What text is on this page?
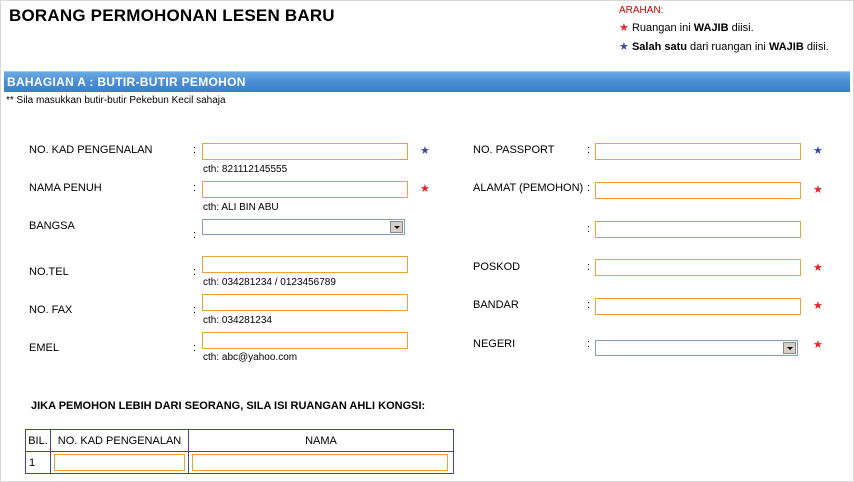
BORANG PERMOHONAN LESEN BARU	ARAHAN:
★ Ruangan ini WAJIB diisi.
★ Salah satu dari ruangan ini WAJIB diisi.
BAHAGIAN A : BUTIR-BUTIR PEMOHON
** Sila masukkan butir-butir Pekebun Kecil sahaja
NO. KAD PENGENALAN	:
cth: 821112145555
★
NAMA PENUH	:
cth: ALI BIN ABU
★
BANGSA
:
NO.TEL	:
cth: 034281234 / 0123456789
NO. FAX	:
cth: 034281234
EMEL	:
cth: abc@yahoo.com
NO. PASSPORT	:	★
ALAMAT (PEMOHON) :	★
:
POSKOD	:	★
BANDAR	:	★
NEGERI	:	★
JIKA PEMOHON LEBIH DARI SEORANG, SILA ISI RUANGAN AHLI KONGSI:
BIL.	NO. KAD PENGENALAN	NAMA
1	
